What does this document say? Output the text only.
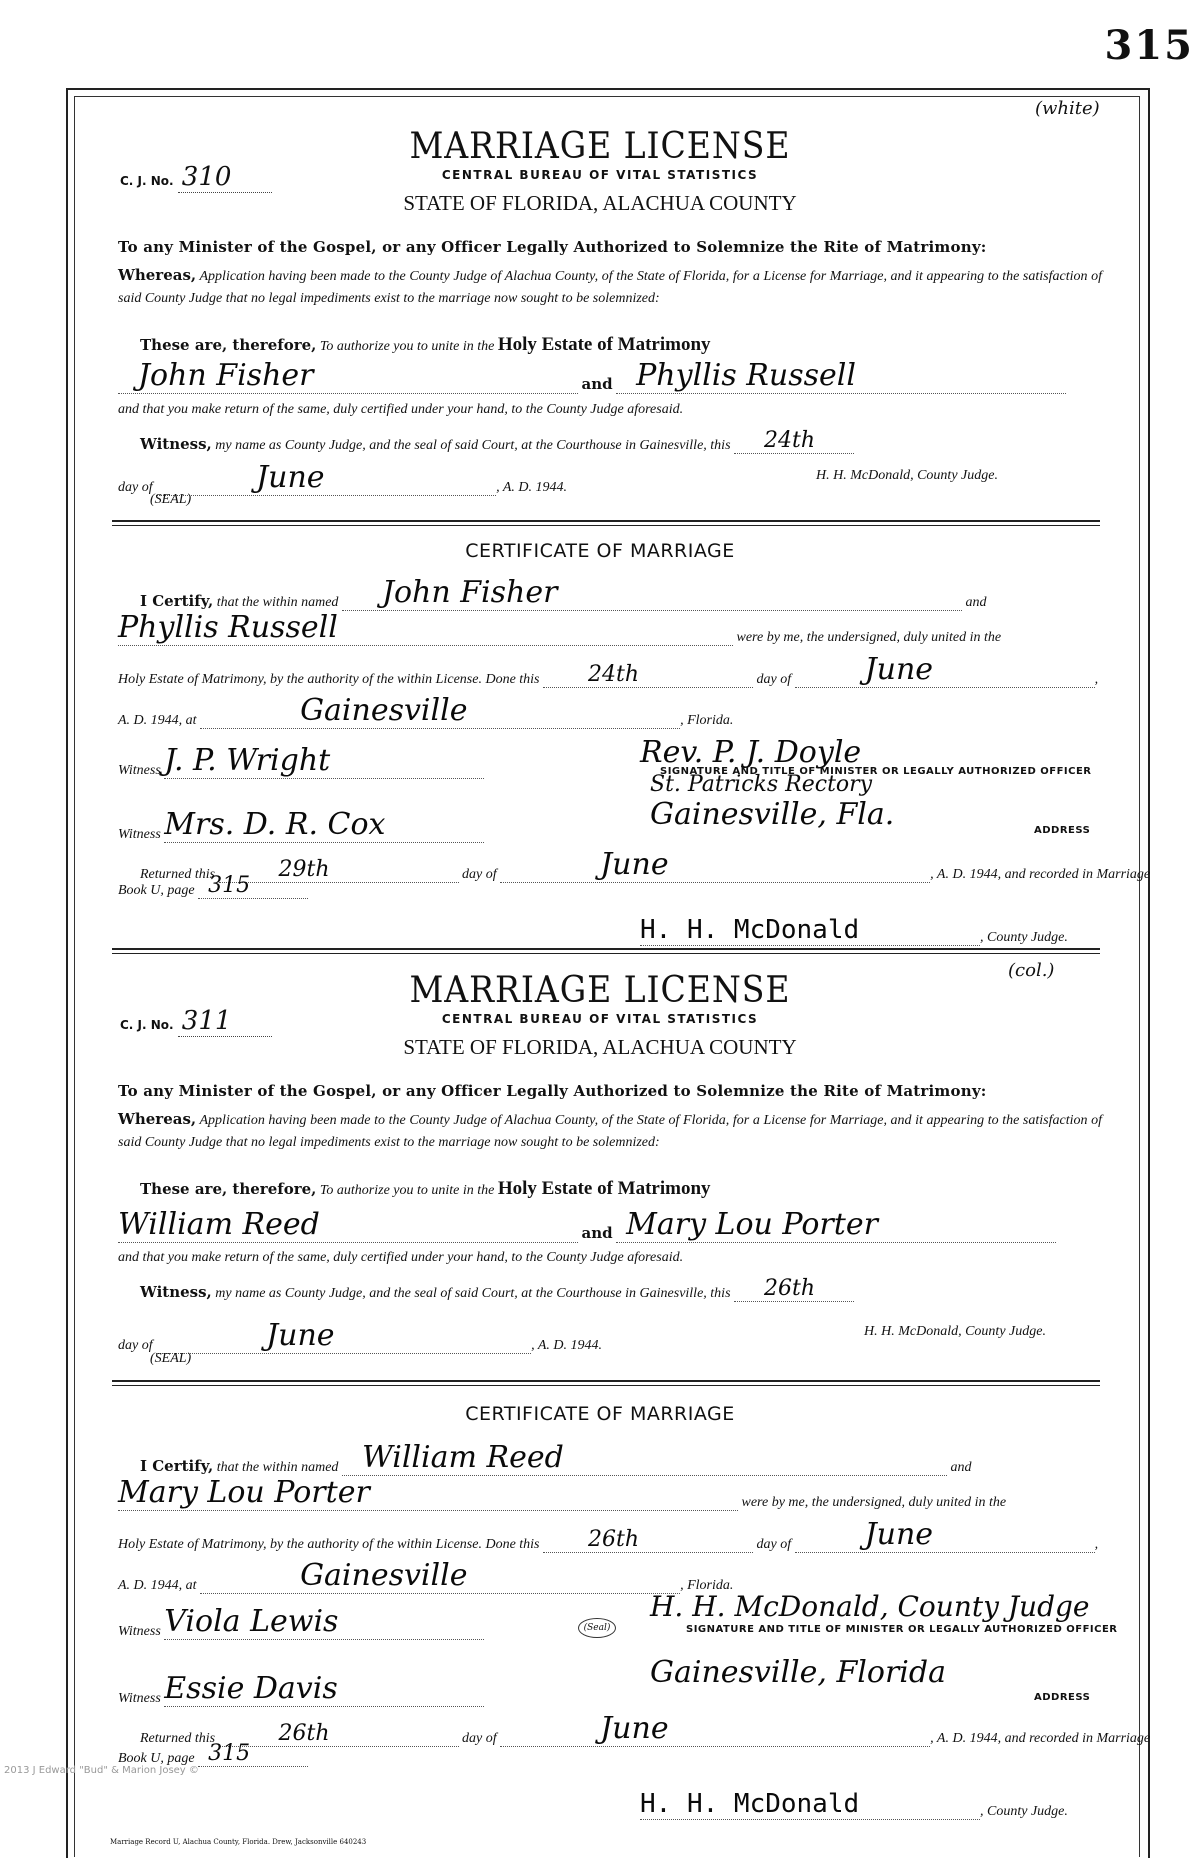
315
(white)
MARRIAGE LICENSE
C. J. No. 310	CENTRAL BUREAU OF VITAL STATISTICS
STATE OF FLORIDA, ALACHUA COUNTY
To any Minister of the Gospel, or any Officer Legally Authorized to Solemnize the Rite of Matrimony:
Whereas, Application having been made to the County Judge of Alachua County, of the State of Florida, for a License for Marriage, and it appearing to the satisfaction of said County Judge that no legal impediments exist to the marriage now sought to be solemnized:
These are, therefore, To authorize you to unite in the Holy Estate of Matrimony
John Fisher	and Phyllis Russell
and that you make return of the same, duly certified under your hand, to the County Judge aforesaid.
Witness, my name as County Judge, and the seal of said Court, at the Courthouse in Gainesville, this 24th
day of	June	, A. D. 1944.
H. H. McDonald, County Judge.
(SEAL)
CERTIFICATE OF MARRIAGE
I Certify, that the within named John Fisher	and
Phyllis Russell	were by me, the undersigned, duly united in the
Holy Estate of Matrimony, by the authority of the within License. Done this 24th	day of June	,
A. D. 1944, at	Gainesville	, Florida.
Witness J. P. Wright	Rev. P. J. Doyle
SIGNATURE AND TITLE OF MINISTER OR LEGALLY AUTHORIZED OFFICER
St. Patricks Rectory
Witness Mrs. D. R. Cox	Gainesville, Fla.	ADDRESS
Returned this	29th	day of	June	, A. D. 1944, and recorded in Marriage
Book U, page 315
H. H. McDonald	, County Judge.
(col.)
MARRIAGE LICENSE
C. J. No. 311	CENTRAL BUREAU OF VITAL STATISTICS
STATE OF FLORIDA, ALACHUA COUNTY
To any Minister of the Gospel, or any Officer Legally Authorized to Solemnize the Rite of Matrimony:
Whereas, Application having been made to the County Judge of Alachua County, of the State of Florida, for a License for Marriage, and it appearing to the satisfaction of said County Judge that no legal impediments exist to the marriage now sought to be solemnized:
These are, therefore, To authorize you to unite in the Holy Estate of Matrimony
William Reed	and Mary Lou Porter
and that you make return of the same, duly certified under your hand, to the County Judge aforesaid.
Witness, my name as County Judge, and the seal of said Court, at the Courthouse in Gainesville, this 26th
day of	June	, A. D. 1944.
H. H. McDonald, County Judge.
(SEAL)
CERTIFICATE OF MARRIAGE
I Certify, that the within named William Reed	and
Mary Lou Porter	were by me, the undersigned, duly united in the
Holy Estate of Matrimony, by the authority of the within License. Done this 26th	day of June	,
A. D. 1944, at	Gainesville	, Florida.
Witness Viola Lewis	H. H. McDonald, County Judge
(Seal)	SIGNATURE AND TITLE OF MINISTER OR LEGALLY AUTHORIZED OFFICER
Witness Essie Davis	Gainesville, Florida
ADDRESS
Returned this	26th	day of	June	, A. D. 1944, and recorded in Marriage
Book U, page 315
H. H. McDonald	, County Judge.
2013 J Edward "Bud" & Marion Josey ©
Marriage Record U, Alachua County, Florida. Drew, Jacksonville 640243
